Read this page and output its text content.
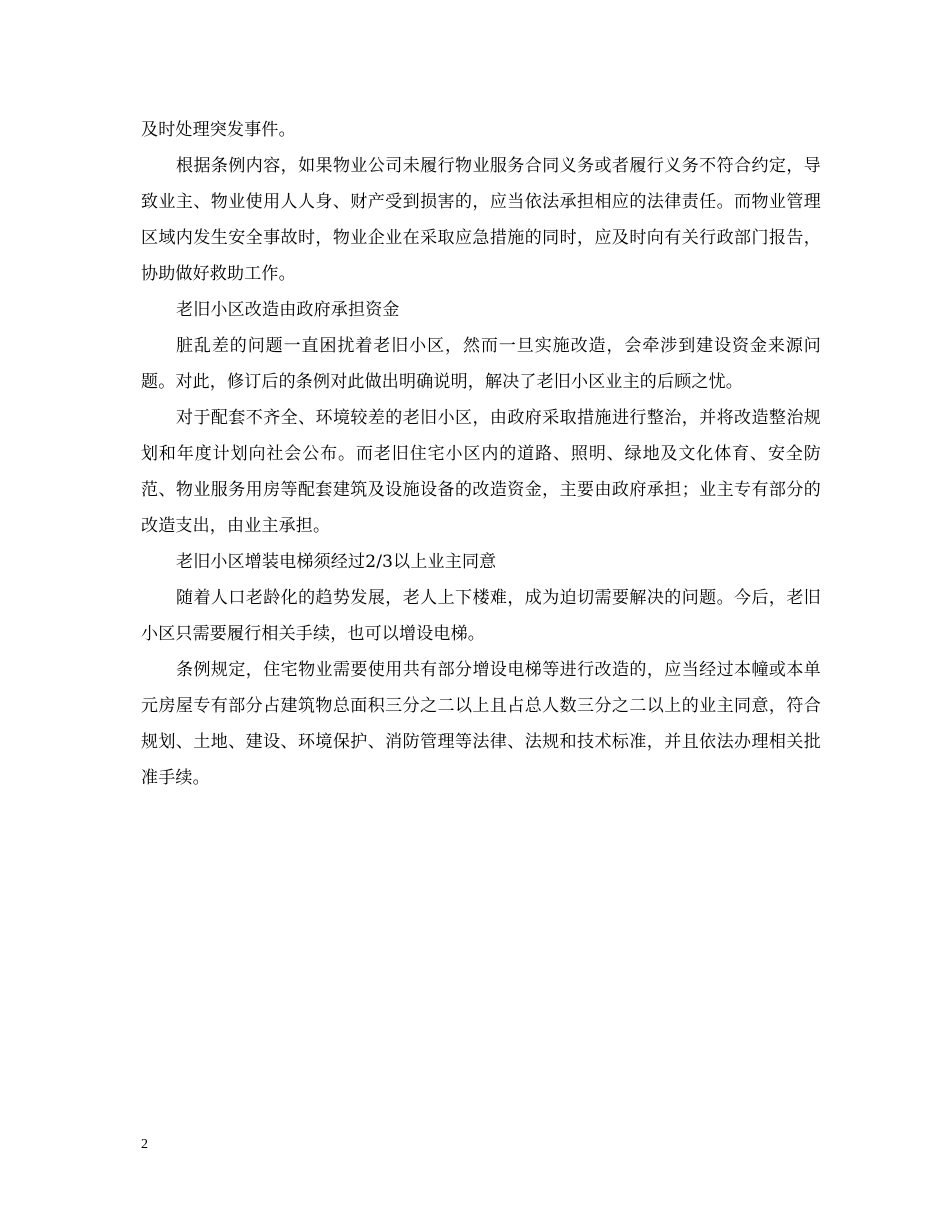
及时处理突发事件。

根据条例内容，如果物业公司未履行物业服务合同义务或者履行义务不符合约定，导致业主、物业使用人人身、财产受到损害的，应当依法承担相应的法律责任。而物业管理区域内发生安全事故时，物业企业在采取应急措施的同时，应及时向有关行政部门报告，协助做好救助工作。

老旧小区改造由政府承担资金

脏乱差的问题一直困扰着老旧小区，然而一旦实施改造，会牵涉到建设资金来源问题。对此，修订后的条例对此做出明确说明，解决了老旧小区业主的后顾之忧。

对于配套不齐全、环境较差的老旧小区，由政府采取措施进行整治，并将改造整治规划和年度计划向社会公布。而老旧住宅小区内的道路、照明、绿地及文化体育、安全防范、物业服务用房等配套建筑及设施设备的改造资金，主要由政府承担；业主专有部分的改造支出，由业主承担。

老旧小区增装电梯须经过2/3以上业主同意

随着人口老龄化的趋势发展，老人上下楼难，成为迫切需要解决的问题。今后，老旧小区只需要履行相关手续，也可以增设电梯。

条例规定，住宅物业需要使用共有部分增设电梯等进行改造的，应当经过本幢或本单元房屋专有部分占建筑物总面积三分之二以上且占总人数三分之二以上的业主同意，符合规划、土地、建设、环境保护、消防管理等法律、法规和技术标准，并且依法办理相关批准手续。

2
